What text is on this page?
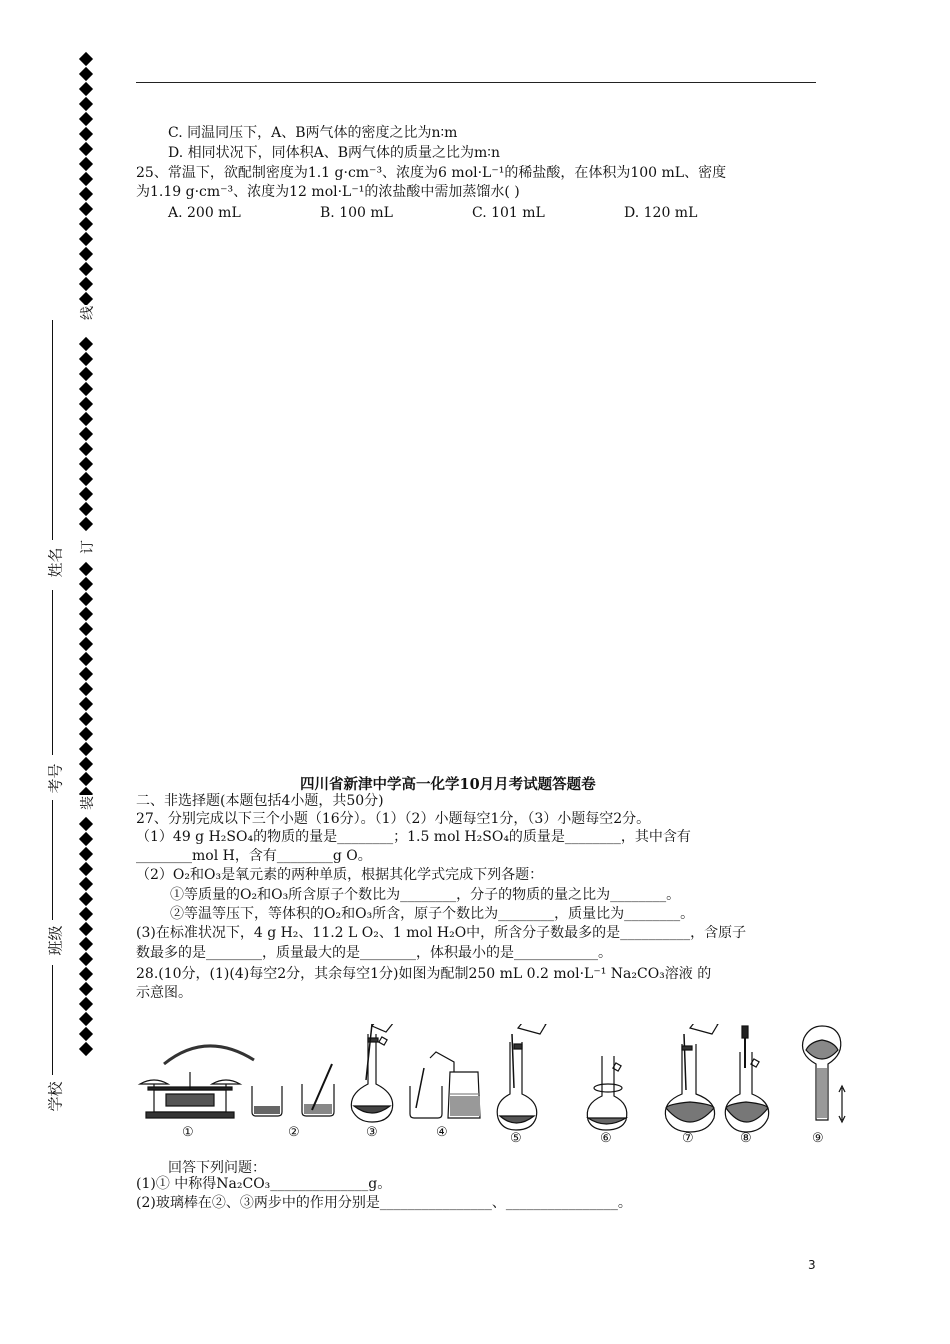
线
订
装
姓名
考号
班级
学校
C. 同温同压下，A、B两气体的密度之比为n∶m
D. 相同状况下，同体积A、B两气体的质量之比为m∶n
25、常温下，欲配制密度为1.1 g·cm⁻³、浓度为6 mol·L⁻¹的稀盐酸，在体积为100 mL、密度
为1.19 g·cm⁻³、浓度为12 mol·L⁻¹的浓盐酸中需加蒸馏水( )
A. 200 mL	B. 100 mL	C. 101 mL	D. 120 mL
四川省新津中学高一化学10月月考试题答题卷
二、非选择题(本题包括4小题，共50分)
27、分别完成以下三个小题（16分）。（1）（2）小题每空1分，（3）小题每空2分。
（1）49 g H₂SO₄的物质的量是________；1.5 mol H₂SO₄的质量是________，其中含有
________mol H，含有________g O。
（2）O₂和O₃是氧元素的两种单质，根据其化学式完成下列各题：
①等质量的O₂和O₃所含原子个数比为________，分子的物质的量之比为________。
②等温等压下，等体积的O₂和O₃所含，原子个数比为________，质量比为________。
(3)在标准状况下，4 g H₂、11.2 L O₂、1 mol H₂O中，所含分子数最多的是__________，含原子
数最多的是________，质量最大的是________，体积最小的是____________。
28.(10分，(1)(4)每空2分，其余每空1分)如图为配制250 mL 0.2 mol·L⁻¹ Na₂CO₃溶液 的
示意图。
①	②	③	④	⑤	⑥	⑦	⑧	⑨
回答下列问题：
(1)① 中称得Na₂CO₃______________g。
(2)玻璃棒在②、③两步中的作用分别是________________、________________。
3
